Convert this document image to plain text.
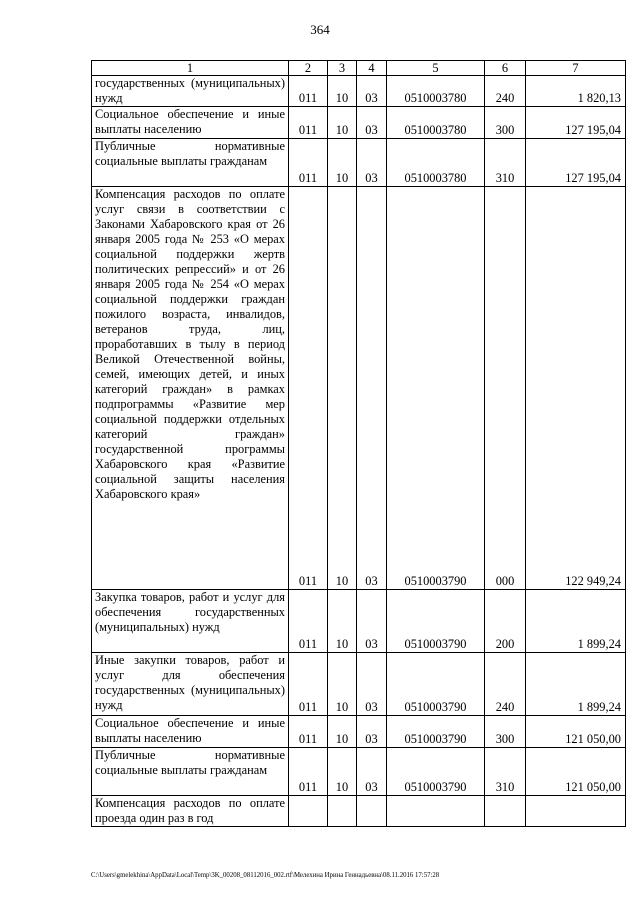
364
1	2	3	4	5	6	7
государственных (муниципальных) нужд	011	10	03	0510003780	240	1 820,13
Социальное обеспечение и иные выплаты населению	011	10	03	0510003780	300	127 195,04
Публичные нормативные социальные выплаты гражданам	011	10	03	0510003780	310	127 195,04
Компенсация расходов по оплате услуг связи в соответствии с Законами Хабаровского края от 26 января 2005 года № 253 «О мерах социальной поддержки жертв политических репрессий» и от 26 января 2005 года № 254 «О мерах социальной поддержки граждан пожилого возраста, инвалидов, ветеранов труда, лиц, проработавших в тылу в период Великой Отечественной войны, семей, имеющих детей, и иных категорий граждан» в рамках подпрограммы «Развитие мер социальной поддержки отдельных категорий граждан» государственной программы Хабаровского края «Развитие социальной защиты населения Хабаровского края»	011	10	03	0510003790	000	122 949,24
Закупка товаров, работ и услуг для обеспечения государственных (муниципальных) нужд	011	10	03	0510003790	200	1 899,24
Иные закупки товаров, работ и услуг для обеспечения государственных (муниципальных) нужд	011	10	03	0510003790	240	1 899,24
Социальное обеспечение и иные выплаты населению	011	10	03	0510003790	300	121 050,00
Публичные нормативные социальные выплаты гражданам	011	10	03	0510003790	310	121 050,00
Компенсация расходов по оплате проезда один раз в год						
C:\Users\gmelekhina\AppData\Local\Temp\3K_00208_08112016_002.rtf\Мелехина Ирина Геннадьевна\08.11.2016 17:57:28
